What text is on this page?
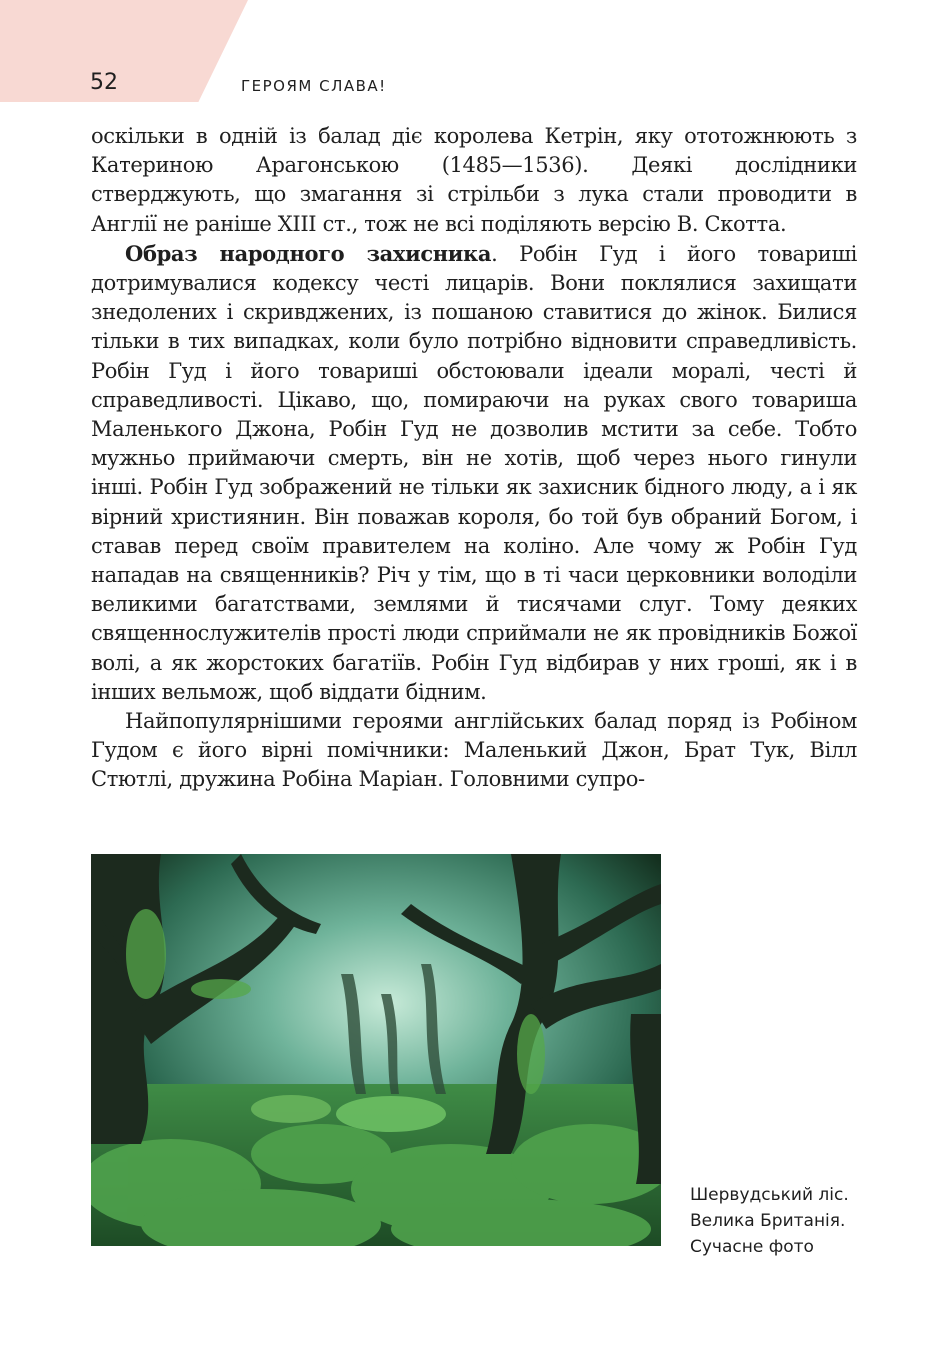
52	ГЕРОЯМ СЛАВА!

оскільки в одній із балад діє королева Кетрін, яку ототожнюють з Катериною Арагонською (1485—1536). Деякі дослідники стверджують, що змагання зі стрільби з лука стали проводити в Англії не раніше XIII ст., тож не всі поділяють версію В. Скотта.

Образ народного захисника. Робін Гуд і його товариші дотримувалися кодексу честі лицарів. Вони поклялися захищати знедолених і скривджених, із пошаною ставитися до жінок. Билися тільки в тих випадках, коли було потрібно відновити справедливість. Робін Гуд і його товариші обстоювали ідеали моралі, честі й справедливості. Цікаво, що, помираючи на руках свого товариша Маленького Джона, Робін Гуд не дозволив мстити за себе. Тобто мужньо приймаючи смерть, він не хотів, щоб через нього гинули інші. Робін Гуд зображений не тільки як захисник бідного люду, а і як вірний християнин. Він поважав короля, бо той був обраний Богом, і ставав перед своїм правителем на коліно. Але чому ж Робін Гуд нападав на священників? Річ у тім, що в ті часи церковники володіли великими багатствами, землями й тисячами слуг. Тому деяких священнослужителів прості люди сприймали не як провідників Божої волі, а як жорстоких багатіїв. Робін Гуд відбирав у них гроші, як і в інших вельмож, щоб віддати бідним.

Найпопулярнішими героями англійських балад поряд із Робіном Гудом є його вірні помічники: Маленький Джон, Брат Тук, Вілл Стютлі, дружина Робіна Маріан. Головними супро-

Шервудський ліс.
Велика Британія.
Сучасне фото
